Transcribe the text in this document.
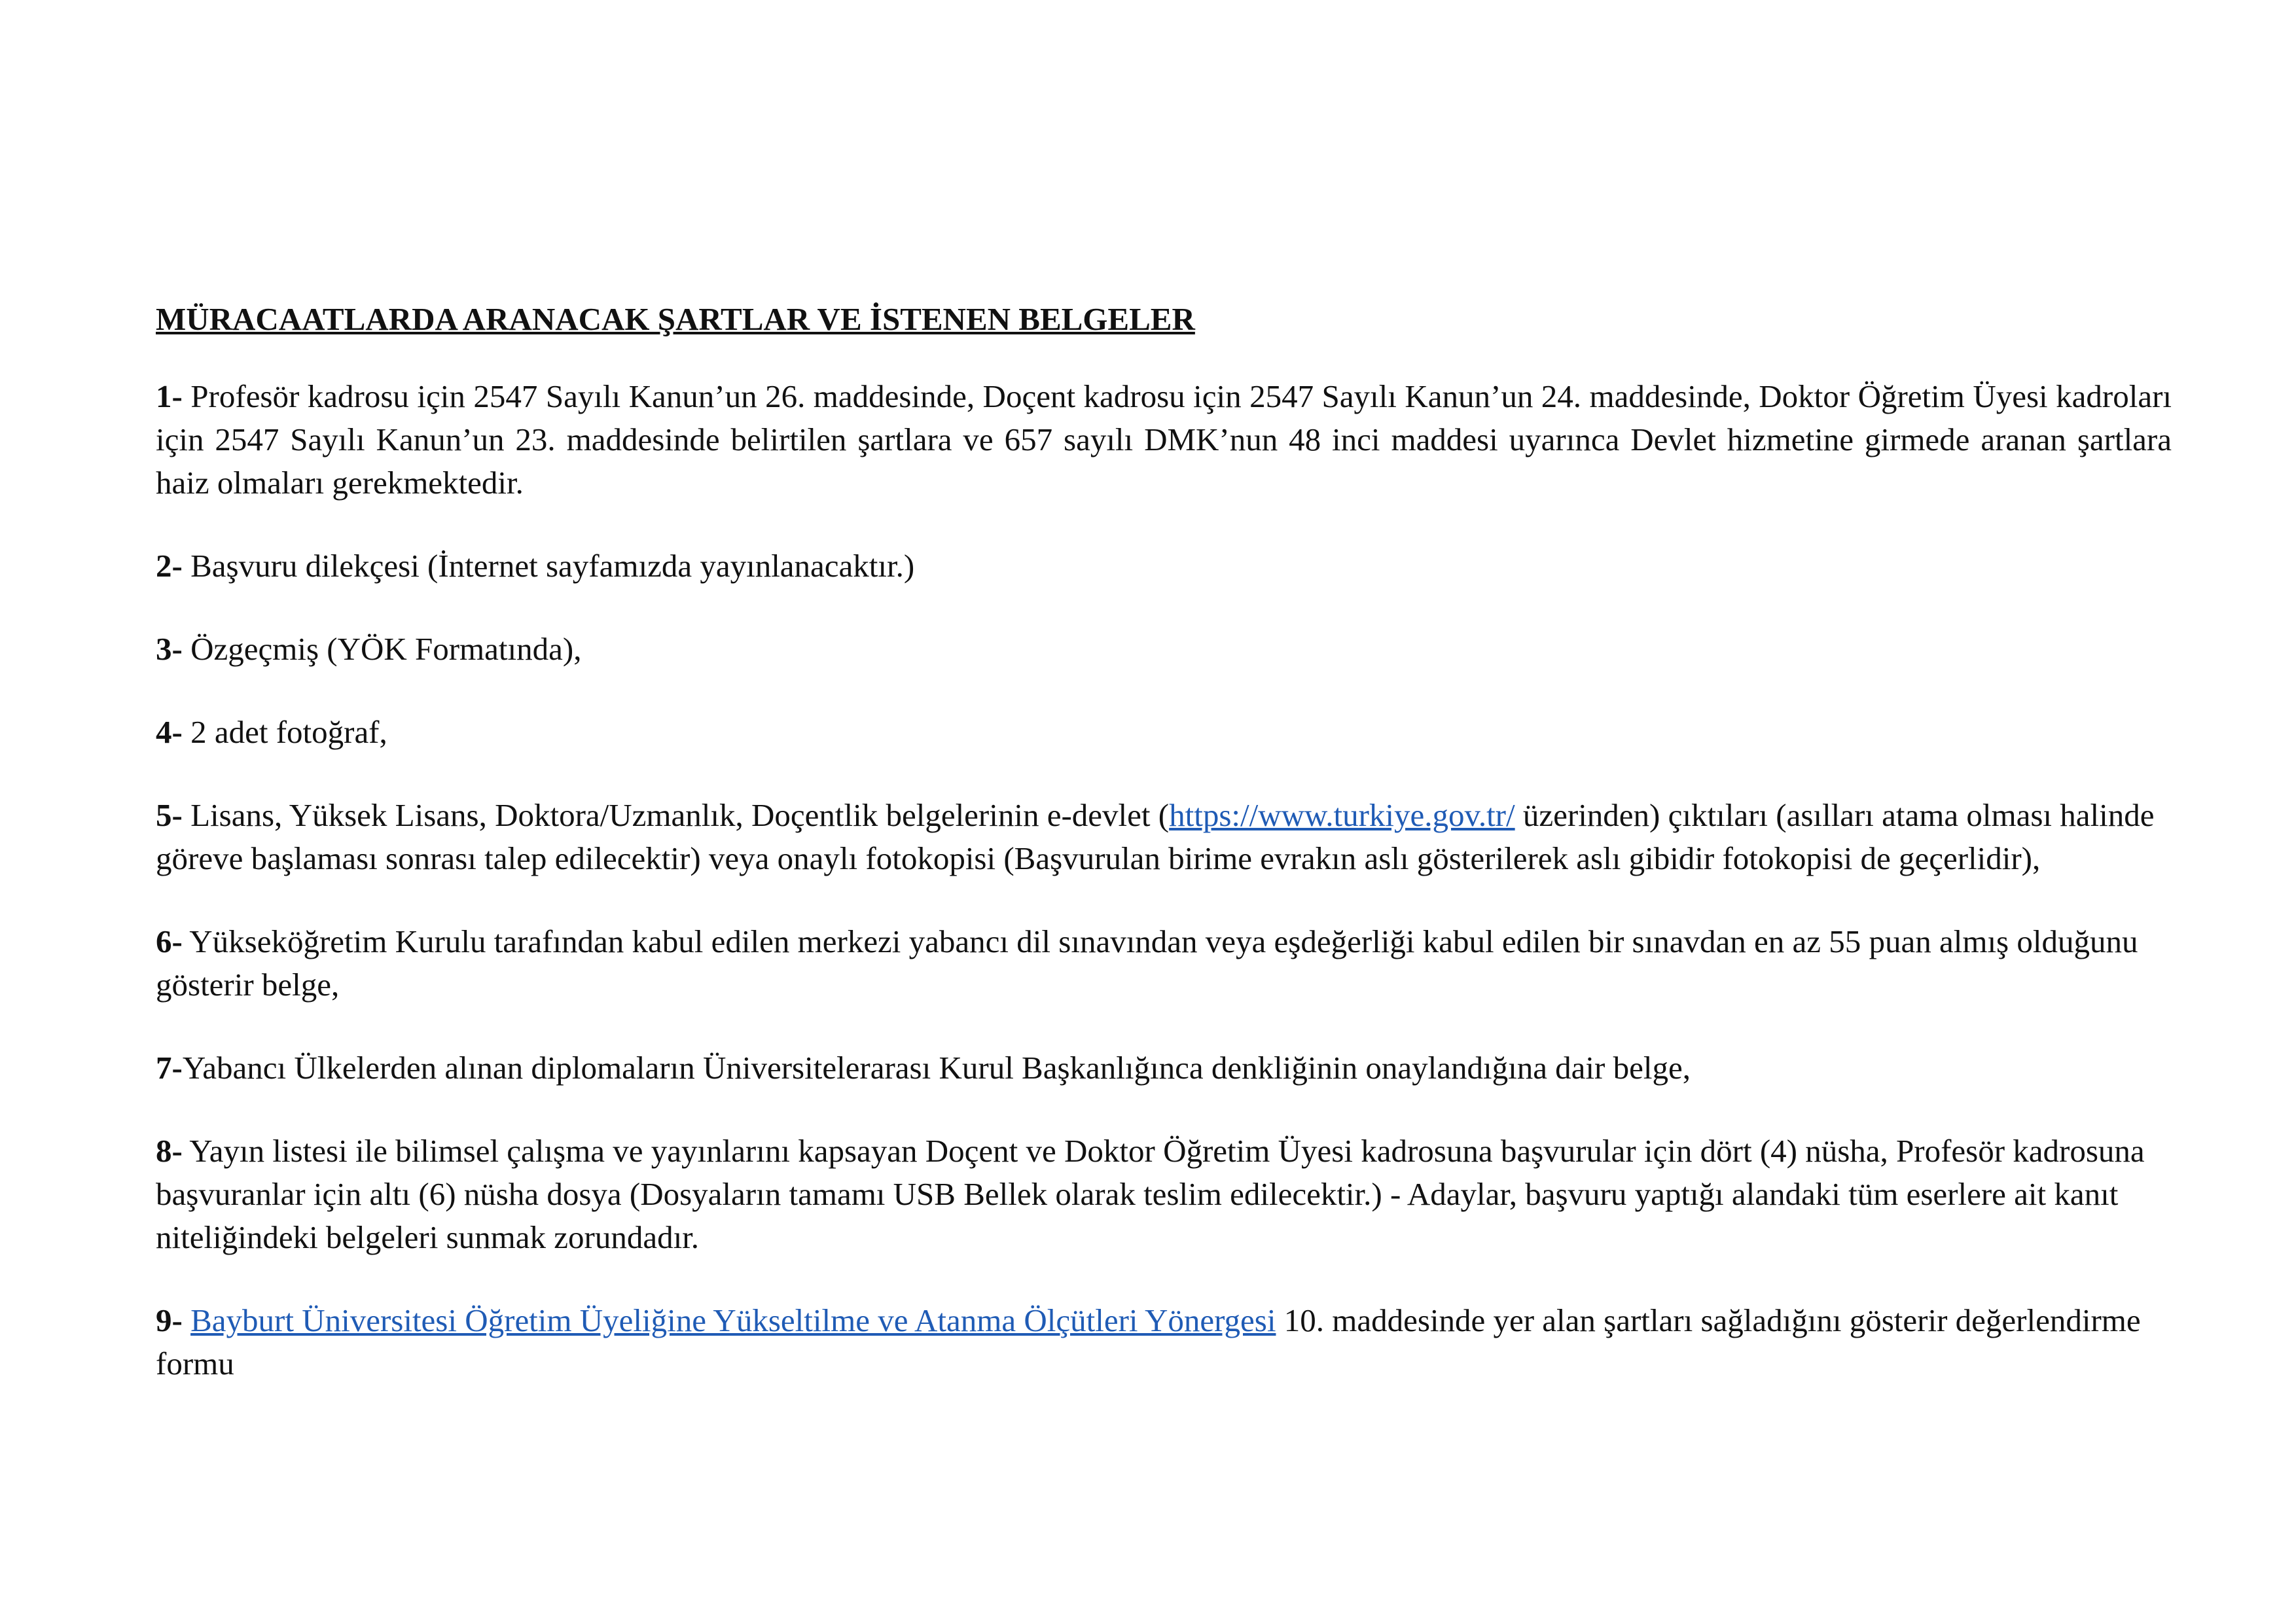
MÜRACAATLARDA ARANACAK ŞARTLAR VE İSTENEN BELGELER

1- Profesör kadrosu için 2547 Sayılı Kanun’un 26. maddesinde, Doçent kadrosu için 2547 Sayılı Kanun’un 24. maddesinde, Doktor Öğretim Üyesi kadroları için 2547 Sayılı Kanun’un 23. maddesinde belirtilen şartlara ve 657 sayılı DMK’nun 48 inci maddesi uyarınca Devlet hizmetine girmede aranan şartlara haiz olmaları gerekmektedir.

2- Başvuru dilekçesi (İnternet sayfamızda yayınlanacaktır.)

3- Özgeçmiş (YÖK Formatında),

4- 2 adet fotoğraf,

5- Lisans, Yüksek Lisans, Doktora/Uzmanlık, Doçentlik belgelerinin e-devlet (https://www.turkiye.gov.tr/ üzerinden) çıktıları (asılları atama olması halinde göreve başlaması sonrası talep edilecektir) veya onaylı fotokopisi (Başvurulan birime evrakın aslı gösterilerek aslı gibidir fotokopisi de geçerlidir),

6- Yükseköğretim Kurulu tarafından kabul edilen merkezi yabancı dil sınavından veya eşdeğerliği kabul edilen bir sınavdan en az 55 puan almış olduğunu gösterir belge,

7-Yabancı Ülkelerden alınan diplomaların Üniversitelerarası Kurul Başkanlığınca denkliğinin onaylandığına dair belge,

8- Yayın listesi ile bilimsel çalışma ve yayınlarını kapsayan Doçent ve Doktor Öğretim Üyesi kadrosuna başvurular için dört (4) nüsha, Profesör kadrosuna başvuranlar için altı (6) nüsha dosya (Dosyaların tamamı USB Bellek olarak teslim edilecektir.) - Adaylar, başvuru yaptığı alandaki tüm eserlere ait kanıt niteliğindeki belgeleri sunmak zorundadır.

9- Bayburt Üniversitesi Öğretim Üyeliğine Yükseltilme ve Atanma Ölçütleri Yönergesi 10. maddesinde yer alan şartları sağladığını gösterir değerlendirme formu
